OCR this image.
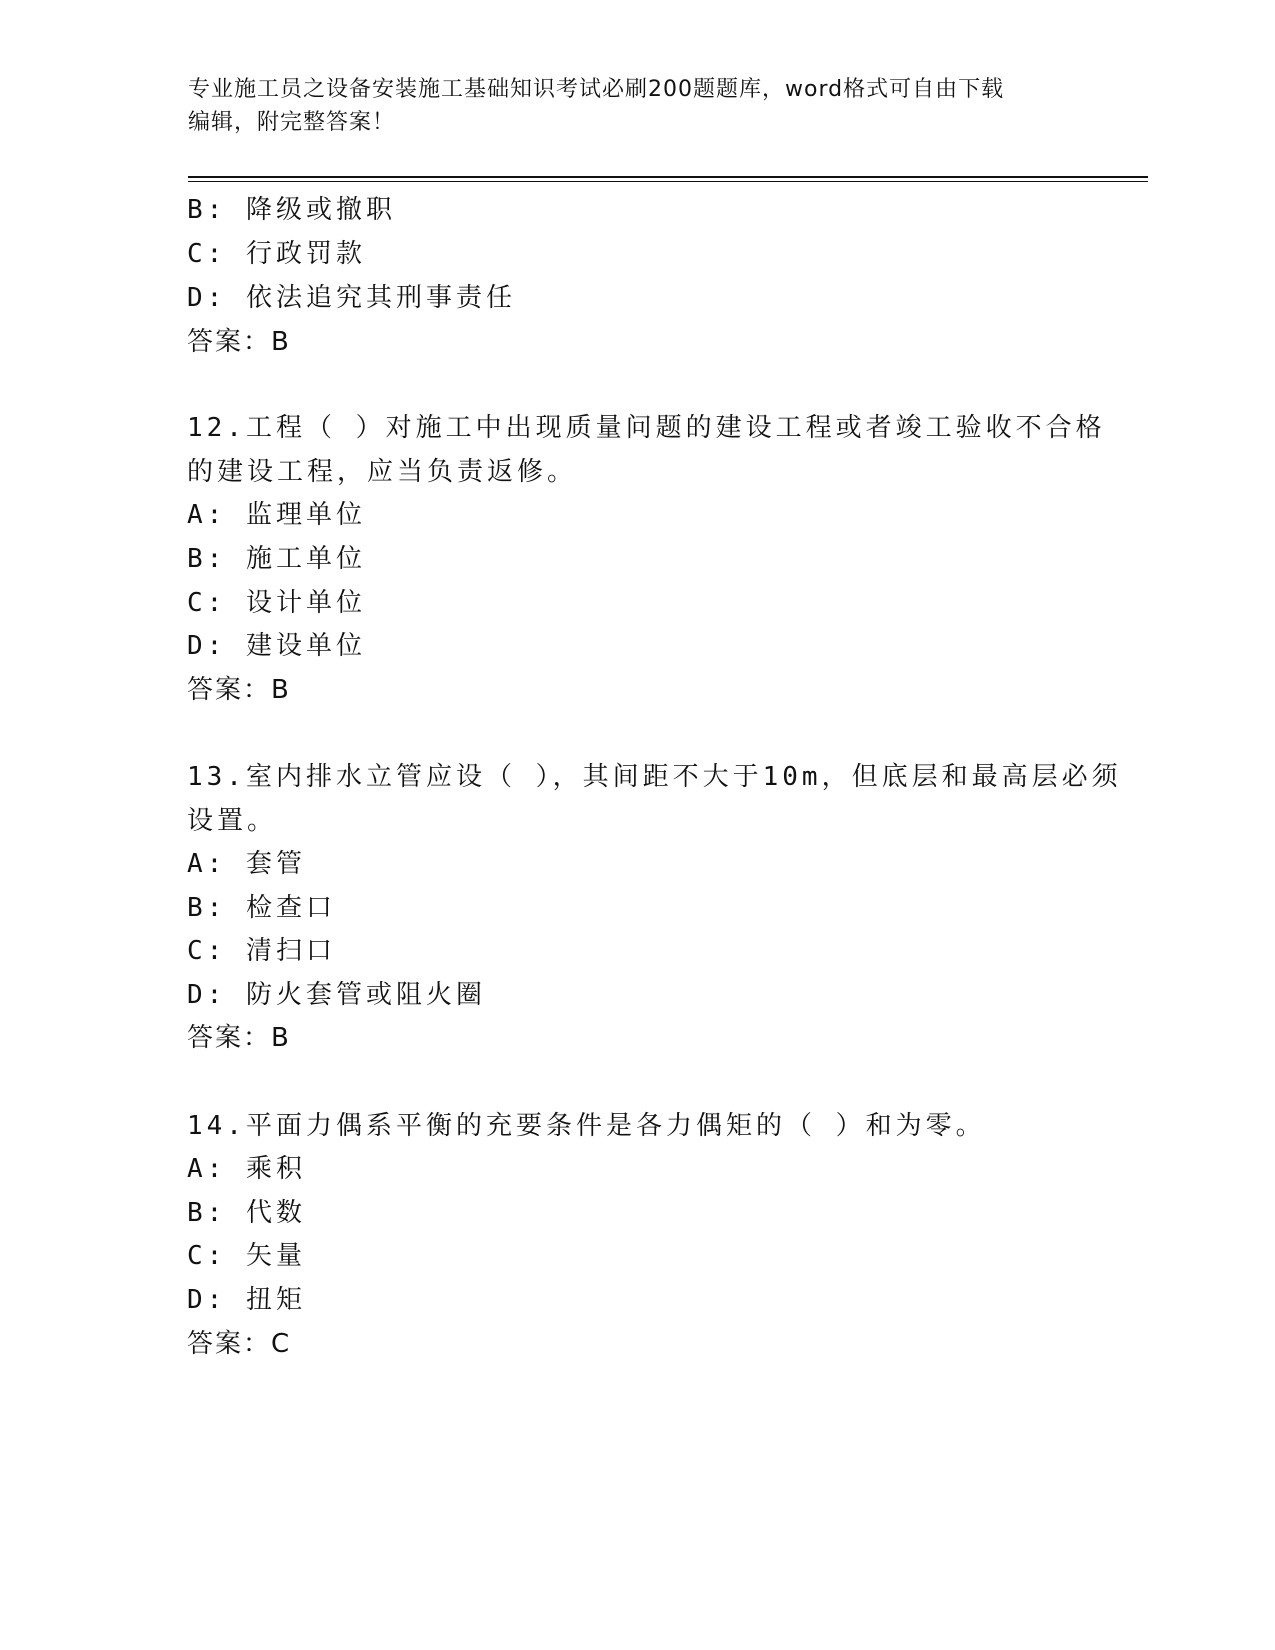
专业施工员之设备安装施工基础知识考试必刷200题题库，word格式可自由下载
编辑，附完整答案！
B: 降级或撤职
C: 行政罚款
D: 依法追究其刑事责任
答案：B
12.工程（ ）对施工中出现质量问题的建设工程或者竣工验收不合格
的建设工程，应当负责返修。
A: 监理单位
B: 施工单位
C: 设计单位
D: 建设单位
答案：B
13.室内排水立管应设（ ），其间距不大于10m，但底层和最高层必须
设置。
A: 套管
B: 检查口
C: 清扫口
D: 防火套管或阻火圈
答案：B
14.平面力偶系平衡的充要条件是各力偶矩的（ ）和为零。
A: 乘积
B: 代数
C: 矢量
D: 扭矩
答案：C
